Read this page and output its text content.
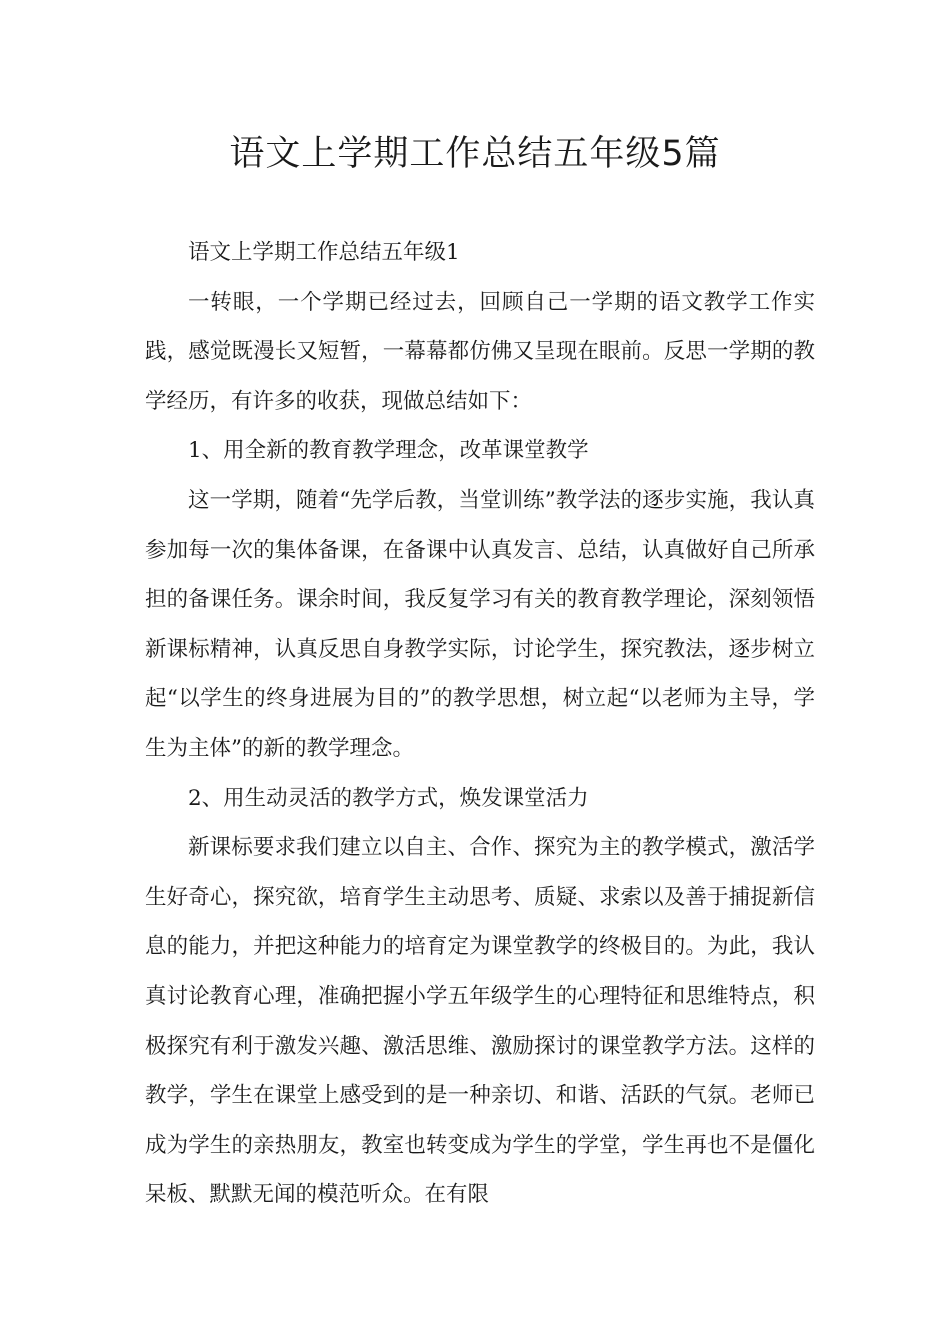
语文上学期工作总结五年级5篇

语文上学期工作总结五年级1

一转眼，一个学期已经过去，回顾自己一学期的语文教学工作实践，感觉既漫长又短暂，一幕幕都仿佛又呈现在眼前。反思一学期的教学经历，有许多的收获，现做总结如下：

1、用全新的教育教学理念，改革课堂教学

这一学期，随着“先学后教，当堂训练”教学法的逐步实施，我认真参加每一次的集体备课，在备课中认真发言、总结，认真做好自己所承担的备课任务。课余时间，我反复学习有关的教育教学理论，深刻领悟新课标精神，认真反思自身教学实际，讨论学生，探究教法，逐步树立起“以学生的终身进展为目的”的教学思想，树立起“以老师为主导，学生为主体”的新的教学理念。

2、用生动灵活的教学方式，焕发课堂活力

新课标要求我们建立以自主、合作、探究为主的教学模式，激活学生好奇心，探究欲，培育学生主动思考、质疑、求索以及善于捕捉新信息的能力，并把这种能力的培育定为课堂教学的终极目的。为此，我认真讨论教育心理，准确把握小学五年级学生的心理特征和思维特点，积极探究有利于激发兴趣、激活思维、激励探讨的课堂教学方法。这样的教学，学生在课堂上感受到的是一种亲切、和谐、活跃的气氛。老师已成为学生的亲热朋友，教室也转变成为学生的学堂，学生再也不是僵化呆板、默默无闻的模范听众。在有限
